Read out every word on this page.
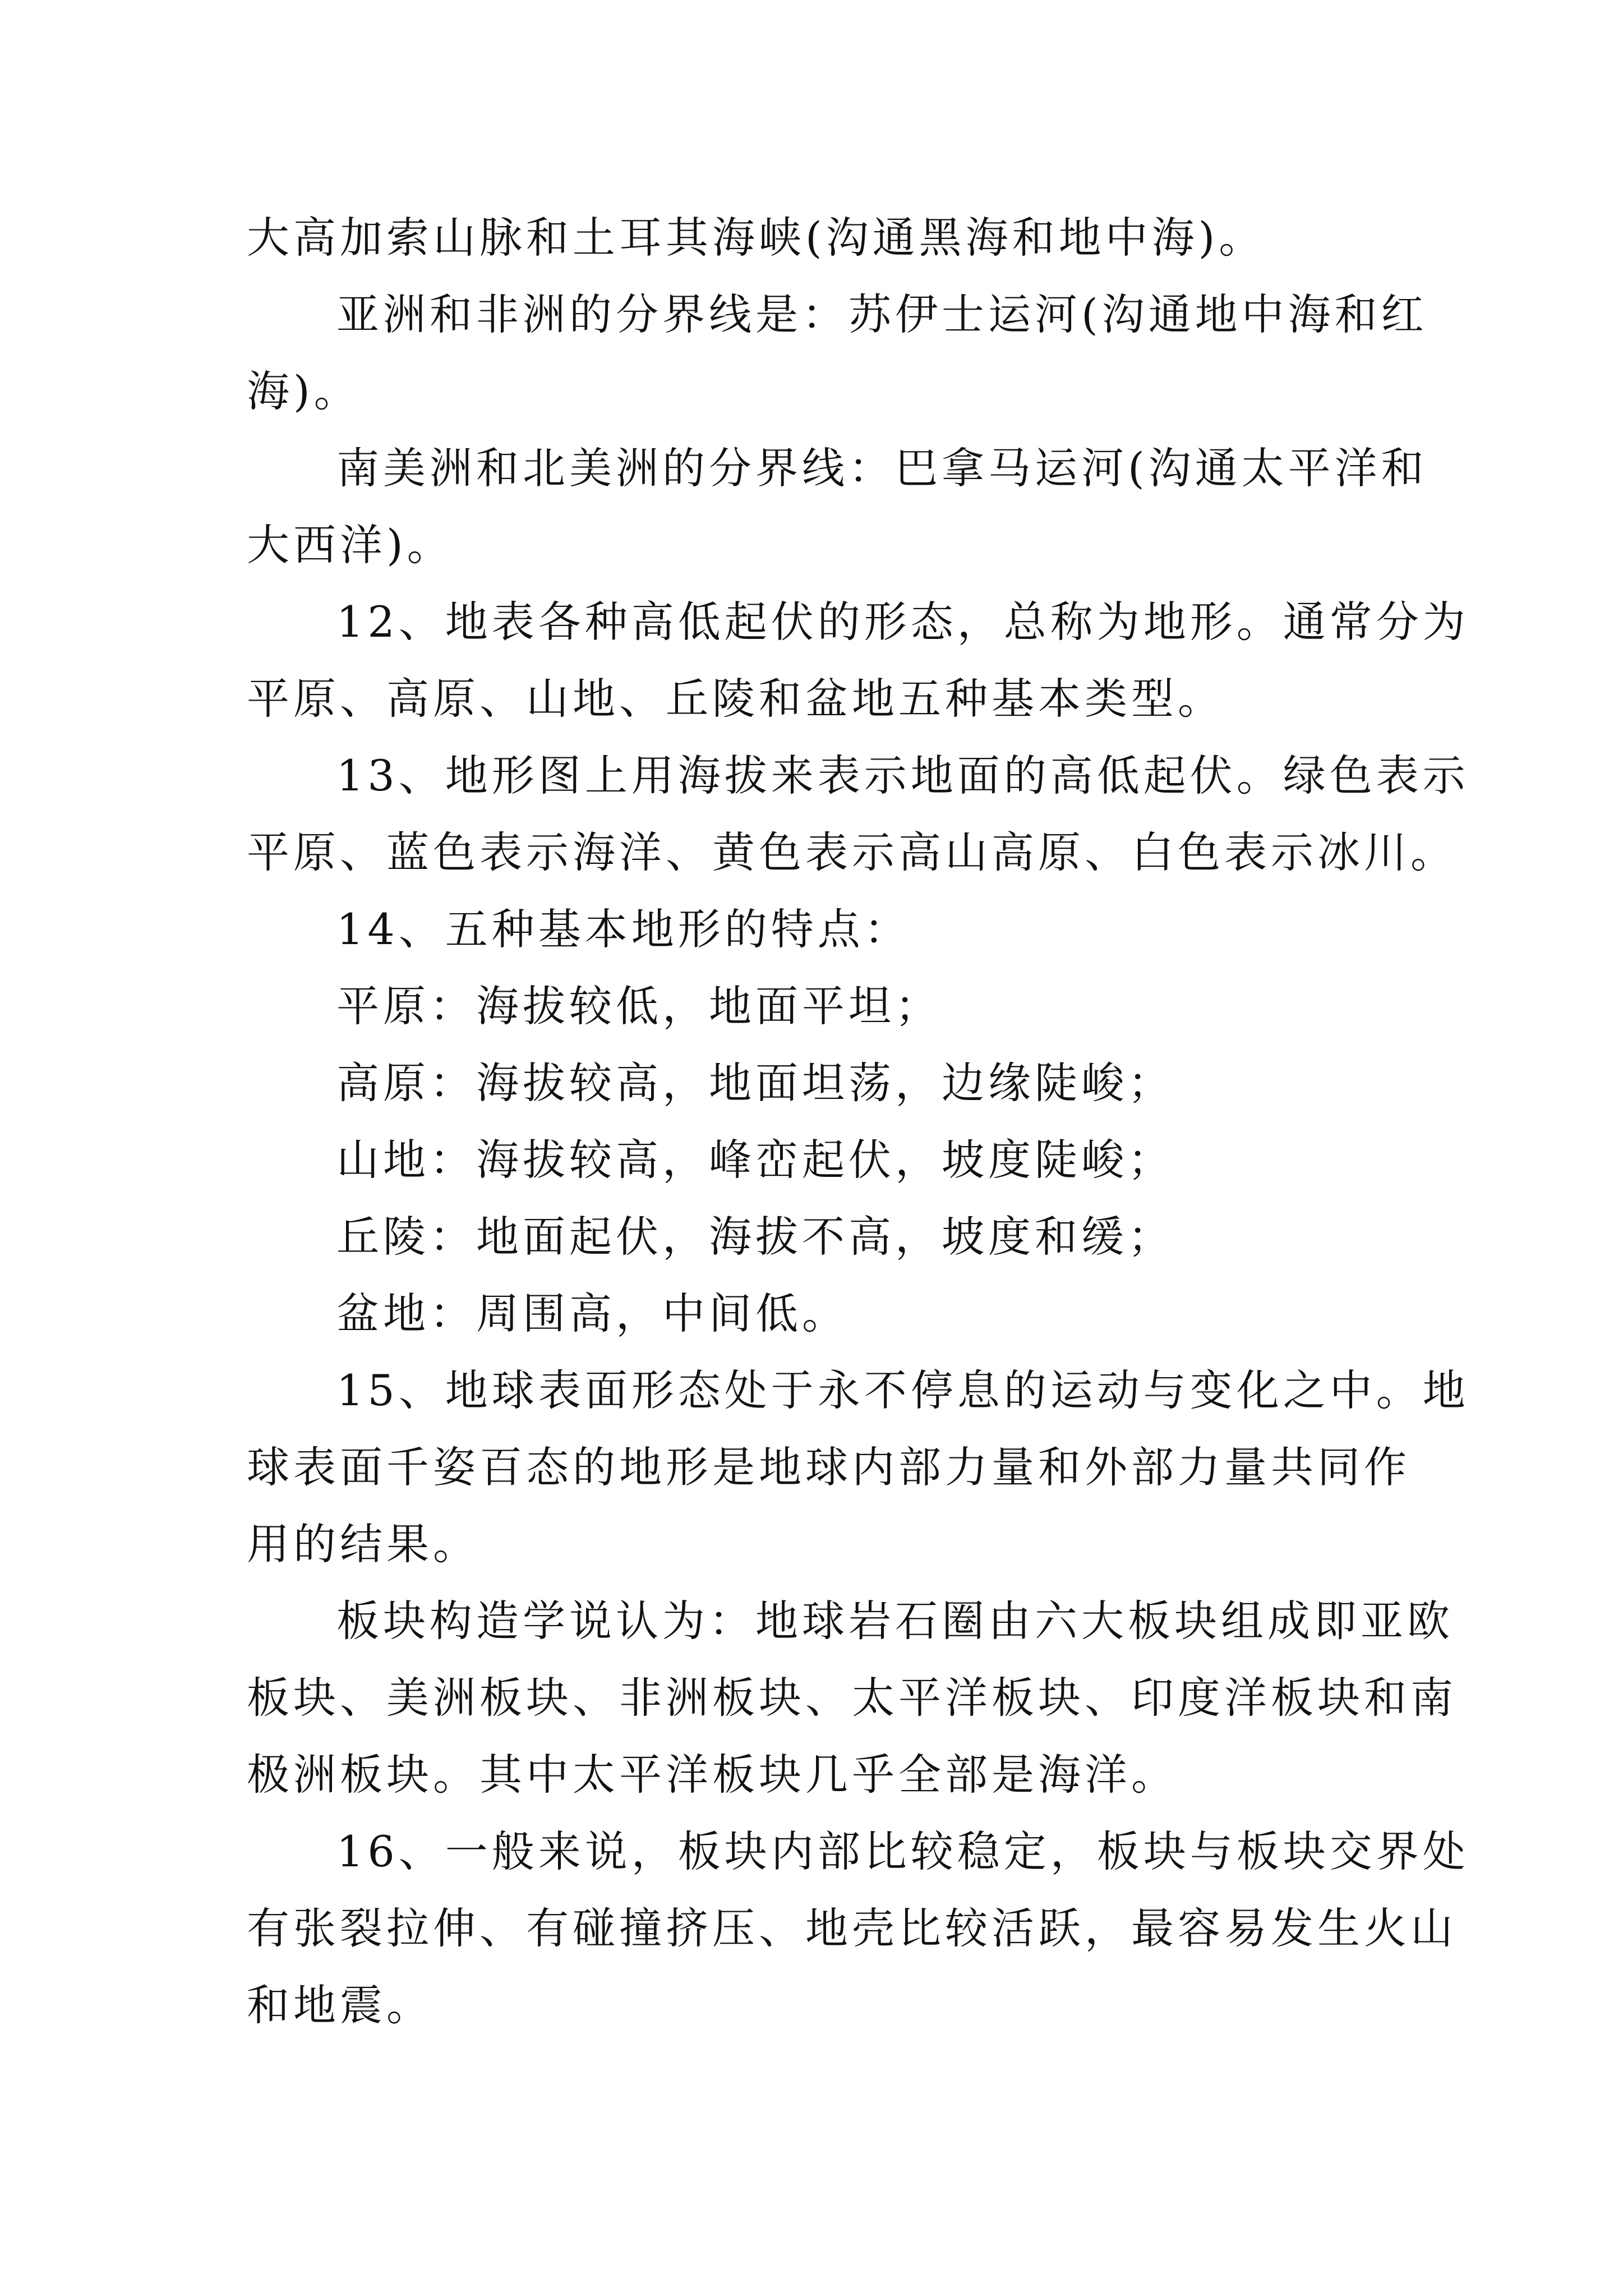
大高加索山脉和土耳其海峡(沟通黑海和地中海)。
亚洲和非洲的分界线是：苏伊士运河(沟通地中海和红
海)。
南美洲和北美洲的分界线：巴拿马运河(沟通太平洋和
大西洋)。
12、地表各种高低起伏的形态，总称为地形。通常分为
平原、高原、山地、丘陵和盆地五种基本类型。
13、地形图上用海拔来表示地面的高低起伏。绿色表示
平原、蓝色表示海洋、黄色表示高山高原、白色表示冰川。
14、五种基本地形的特点：
平原：海拔较低，地面平坦；
高原：海拔较高，地面坦荡，边缘陡峻；
山地：海拔较高，峰峦起伏，坡度陡峻；
丘陵：地面起伏，海拔不高，坡度和缓；
盆地：周围高，中间低。
15、地球表面形态处于永不停息的运动与变化之中。地
球表面千姿百态的地形是地球内部力量和外部力量共同作
用的结果。
板块构造学说认为：地球岩石圈由六大板块组成即亚欧
板块、美洲板块、非洲板块、太平洋板块、印度洋板块和南
极洲板块。其中太平洋板块几乎全部是海洋。
16、一般来说，板块内部比较稳定，板块与板块交界处
有张裂拉伸、有碰撞挤压、地壳比较活跃，最容易发生火山
和地震。
